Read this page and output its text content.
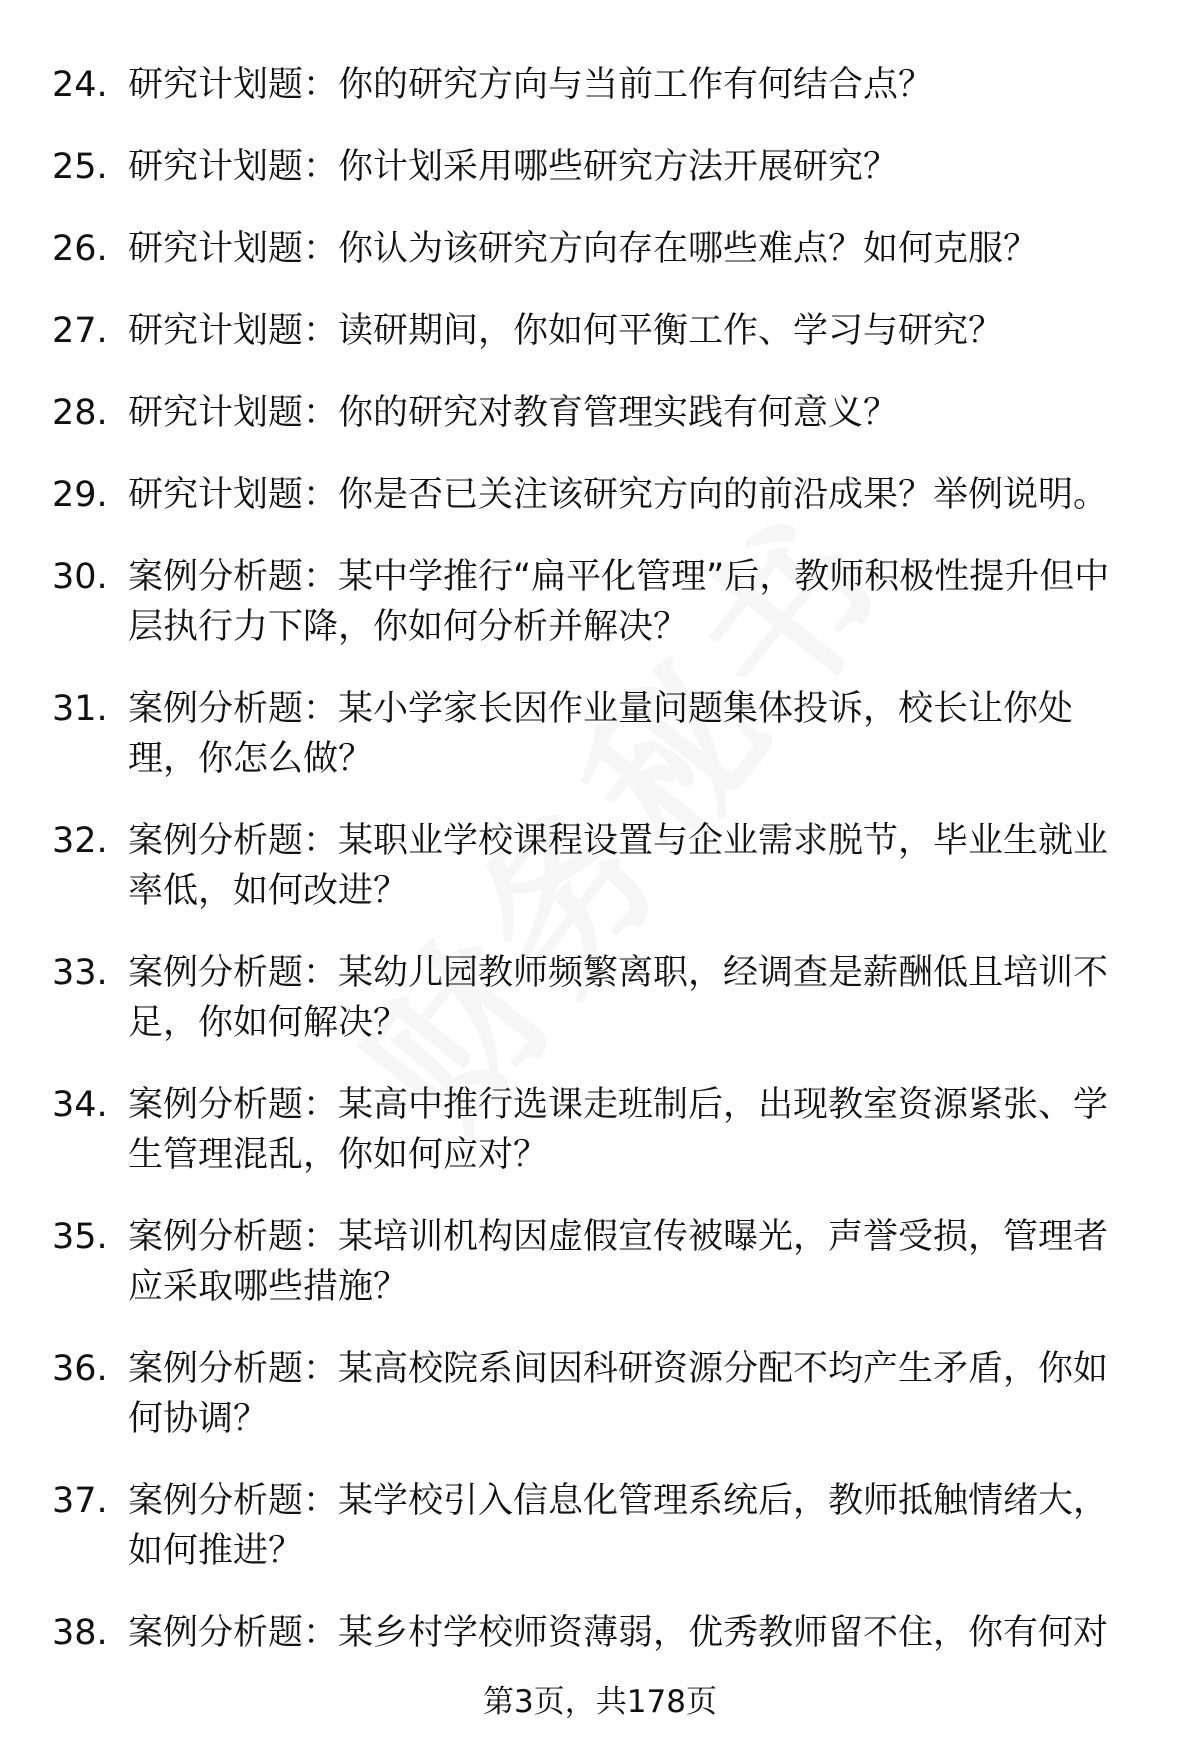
24. 研究计划题：你的研究方向与当前工作有何结合点？
25. 研究计划题：你计划采用哪些研究方法开展研究？
26. 研究计划题：你认为该研究方向存在哪些难点？如何克服？
27. 研究计划题：读研期间，你如何平衡工作、学习与研究？
28. 研究计划题：你的研究对教育管理实践有何意义？
29. 研究计划题：你是否已关注该研究方向的前沿成果？举例说明。
30. 案例分析题：某中学推行“扁平化管理”后，教师积极性提升但中层执行力下降，你如何分析并解决？
31. 案例分析题：某小学家长因作业量问题集体投诉，校长让你处理，你怎么做？
32. 案例分析题：某职业学校课程设置与企业需求脱节，毕业生就业率低，如何改进？
33. 案例分析题：某幼儿园教师频繁离职，经调查是薪酬低且培训不足，你如何解决？
34. 案例分析题：某高中推行选课走班制后，出现教室资源紧张、学生管理混乱，你如何应对？
35. 案例分析题：某培训机构因虚假宣传被曝光，声誉受损，管理者应采取哪些措施？
36. 案例分析题：某高校院系间因科研资源分配不均产生矛盾，你如何协调？
37. 案例分析题：某学校引入信息化管理系统后，教师抵触情绪大，如何推进？
38. 案例分析题：某乡村学校师资薄弱，优秀教师留不住，你有何对
第3页，共178页
